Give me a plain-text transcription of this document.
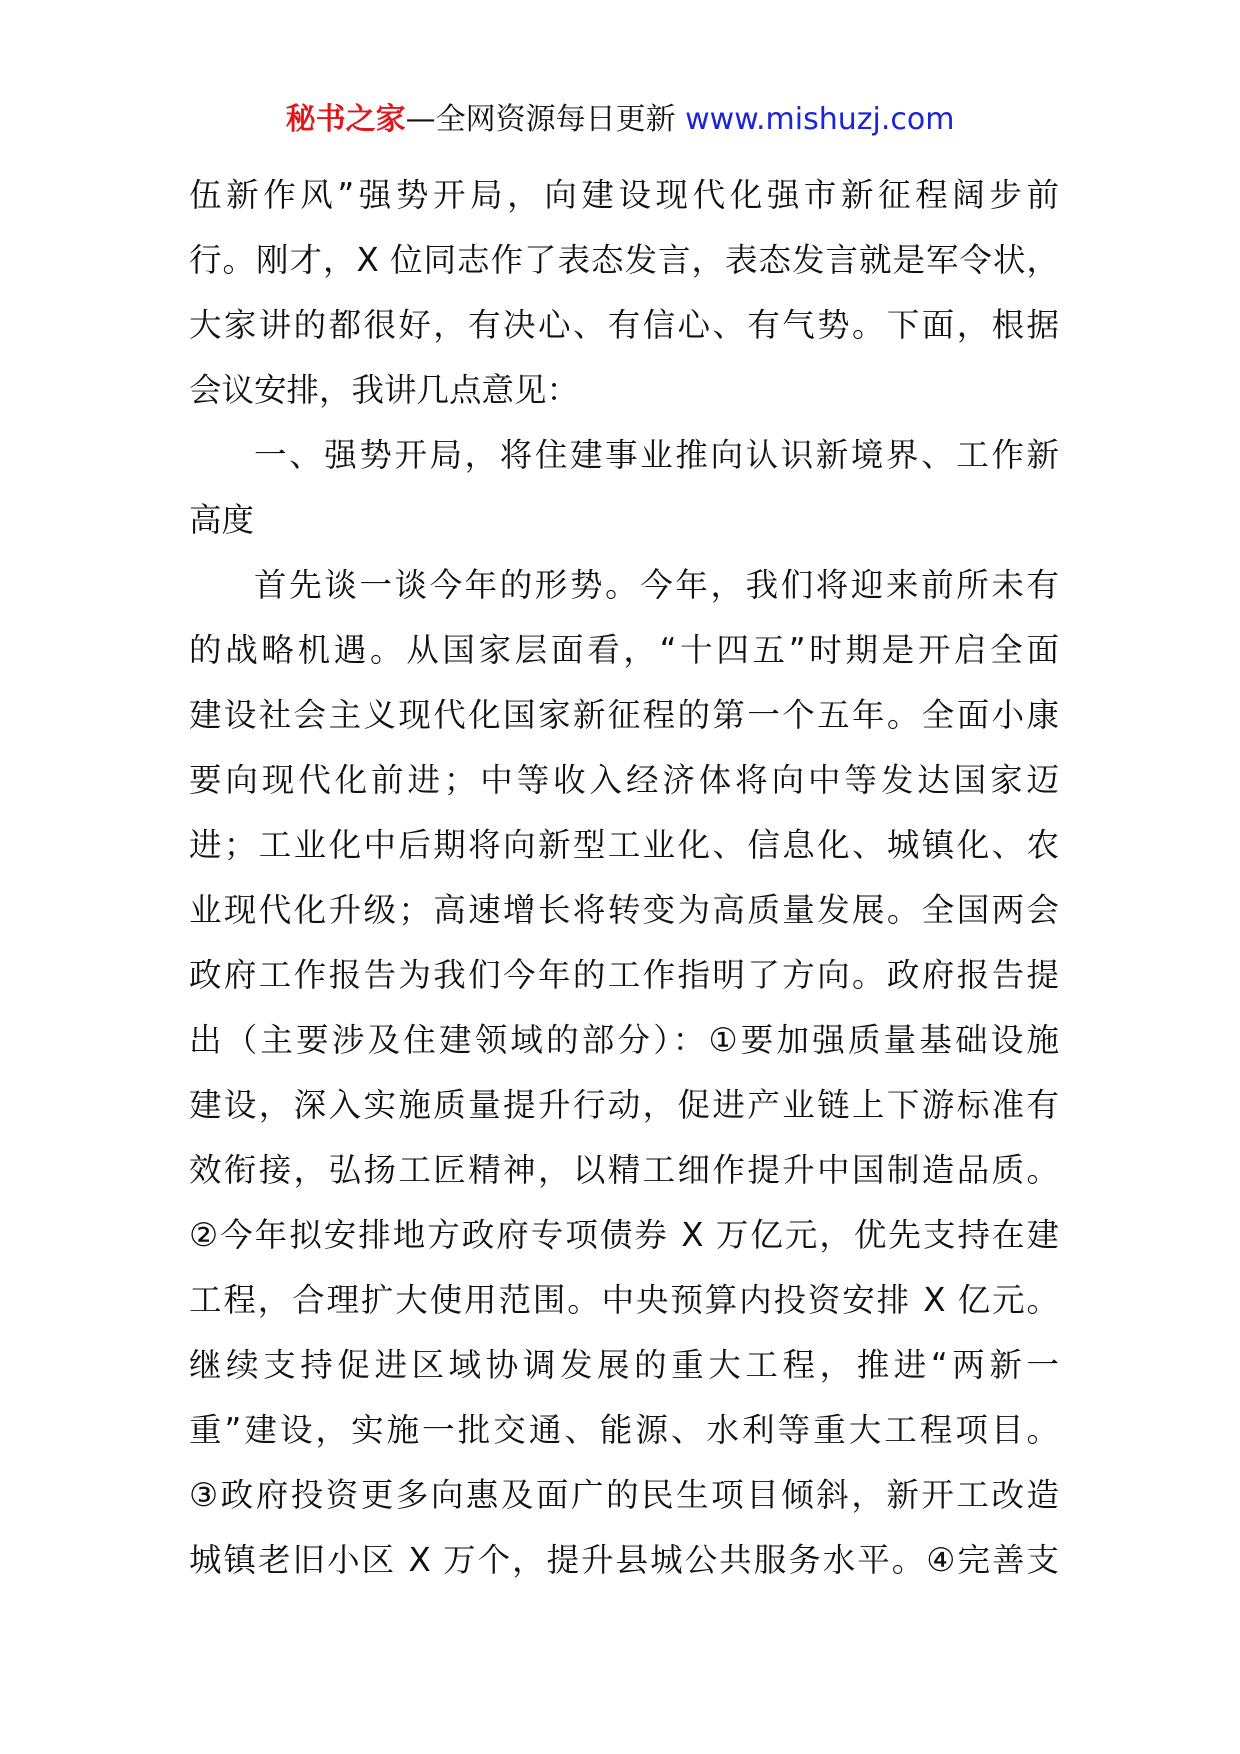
秘书之家—全网资源每日更新 www.mishuzj.com
伍新作风”强势开局，向建设现代化强市新征程阔步前
行。刚才，X 位同志作了表态发言，表态发言就是军令状，
大家讲的都很好，有决心、有信心、有气势。下面，根据
会议安排，我讲几点意见：
一、强势开局，将住建事业推向认识新境界、工作新
高度
首先谈一谈今年的形势。今年，我们将迎来前所未有
的战略机遇。从国家层面看，“十四五”时期是开启全面
建设社会主义现代化国家新征程的第一个五年。全面小康
要向现代化前进；中等收入经济体将向中等发达国家迈
进；工业化中后期将向新型工业化、信息化、城镇化、农
业现代化升级；高速增长将转变为高质量发展。全国两会
政府工作报告为我们今年的工作指明了方向。政府报告提
出（主要涉及住建领域的部分）：①要加强质量基础设施
建设，深入实施质量提升行动，促进产业链上下游标准有
效衔接，弘扬工匠精神，以精工细作提升中国制造品质。
②今年拟安排地方政府专项债券 X 万亿元，优先支持在建
工程，合理扩大使用范围。中央预算内投资安排 X 亿元。
继续支持促进区域协调发展的重大工程，推进“两新一
重”建设，实施一批交通、能源、水利等重大工程项目。
③政府投资更多向惠及面广的民生项目倾斜，新开工改造
城镇老旧小区 X 万个，提升县城公共服务水平。④完善支
